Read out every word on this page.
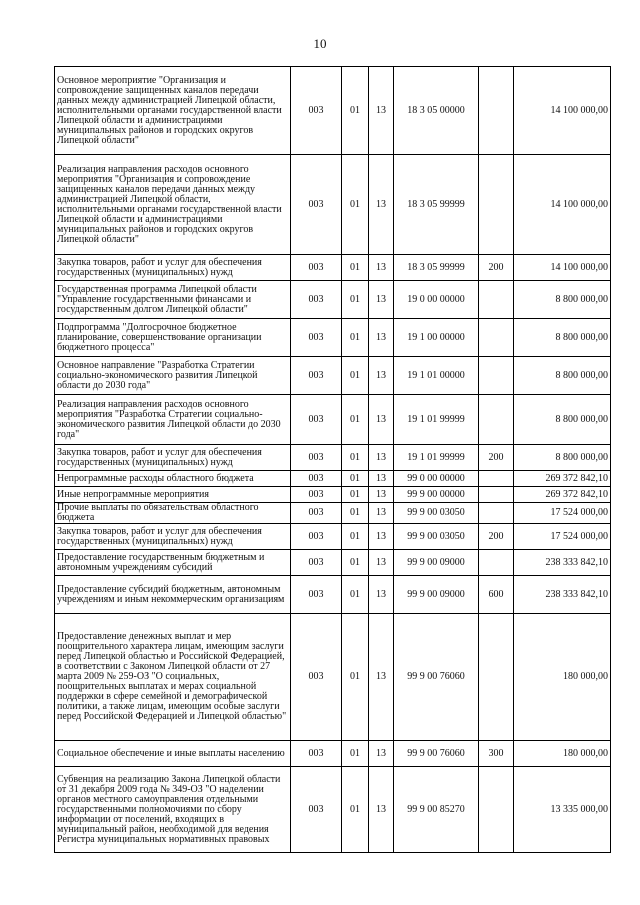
10
Основное мероприятие "Организация и сопровождение защищенных каналов передачи данных между администрацией Липецкой области, исполнительными органами государственной власти Липецкой области и администрациями муниципальных районов и городских округов Липецкой области"	003	01	13	18 3 05 00000		14 100 000,00
Реализация направления расходов основного мероприятия "Организация и сопровождение защищенных каналов передачи данных между администрацией Липецкой области, исполнительными органами государственной власти Липецкой области и администрациями муниципальных районов и городских округов Липецкой области"	003	01	13	18 3 05 99999		14 100 000,00
Закупка товаров, работ и услуг для обеспечения государственных (муниципальных) нужд	003	01	13	18 3 05 99999	200	14 100 000,00
Государственная программа Липецкой области "Управление государственными финансами и государственным долгом Липецкой области"	003	01	13	19 0 00 00000		8 800 000,00
Подпрограмма "Долгосрочное бюджетное планирование, совершенствование организации бюджетного процесса"	003	01	13	19 1 00 00000		8 800 000,00
Основное направление "Разработка Стратегии социально-экономического развития Липецкой области до 2030 года"	003	01	13	19 1 01 00000		8 800 000,00
Реализация направления расходов основного мероприятия "Разработка Стратегии социально-экономического развития Липецкой области до 2030 года"	003	01	13	19 1 01 99999		8 800 000,00
Закупка товаров, работ и услуг для обеспечения государственных (муниципальных) нужд	003	01	13	19 1 01 99999	200	8 800 000,00
Непрограммные расходы областного бюджета	003	01	13	99 0 00 00000		269 372 842,10
Иные непрограммные мероприятия	003	01	13	99 9 00 00000		269 372 842,10
Прочие выплаты по обязательствам областного бюджета	003	01	13	99 9 00 03050		17 524 000,00
Закупка товаров, работ и услуг для обеспечения государственных (муниципальных) нужд	003	01	13	99 9 00 03050	200	17 524 000,00
Предоставление государственным бюджетным и автономным учреждениям субсидий	003	01	13	99 9 00 09000		238 333 842,10
Предоставление субсидий бюджетным, автономным учреждениям и иным некоммерческим организациям	003	01	13	99 9 00 09000	600	238 333 842,10
Предоставление денежных выплат и мер поощрительного характера лицам, имеющим заслуги перед Липецкой областью и Российской Федерацией, в соответствии с Законом Липецкой области от 27 марта 2009 № 259-ОЗ "О социальных, поощрительных выплатах и мерах социальной поддержки в сфере семейной и демографической политики, а также лицам, имеющим особые заслуги перед Российской Федерацией и Липецкой областью"	003	01	13	99 9 00 76060		180 000,00
Социальное обеспечение и иные выплаты населению	003	01	13	99 9 00 76060	300	180 000,00
Субвенция на реализацию Закона Липецкой области от 31 декабря 2009 года № 349-ОЗ "О наделении органов местного самоуправления отдельными государственными полномочиями по сбору информации от поселений, входящих в муниципальный район, необходимой для ведения Регистра муниципальных нормативных правовых	003	01	13	99 9 00 85270		13 335 000,00
